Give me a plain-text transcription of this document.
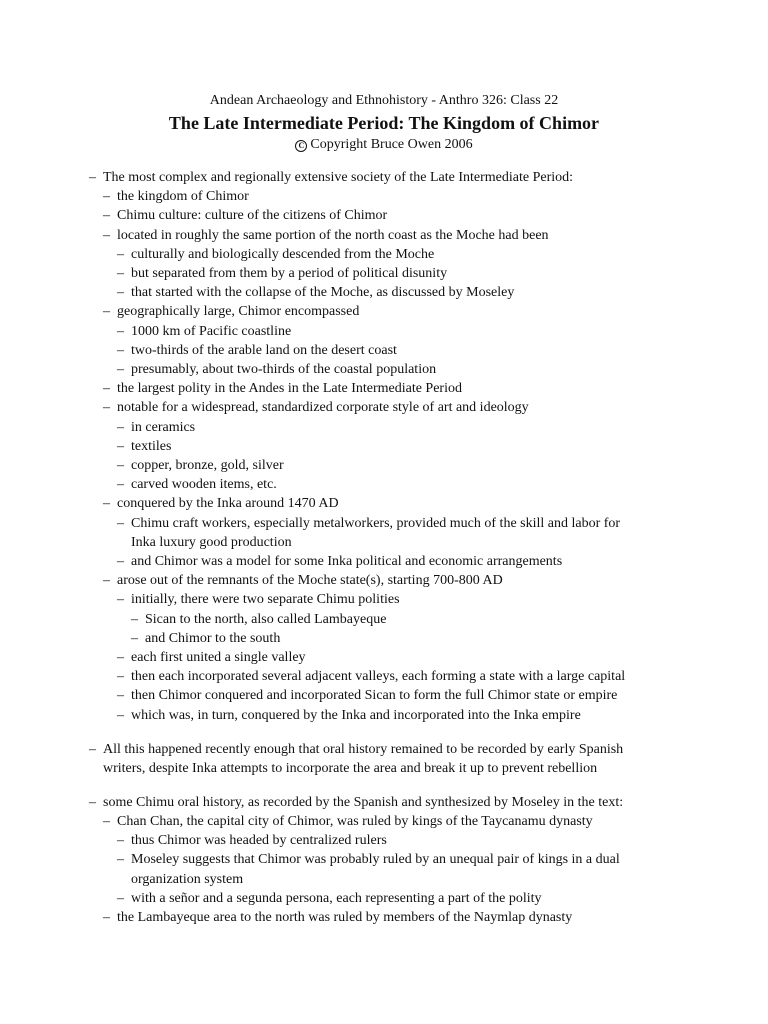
Andean Archaeology and Ethnohistory - Anthro 326: Class 22
The Late Intermediate Period: The Kingdom of Chimor
C Copyright Bruce Owen 2006
– The most complex and regionally extensive society of the Late Intermediate Period:
– the kingdom of Chimor
– Chimu culture: culture of the citizens of Chimor
– located in roughly the same portion of the north coast as the Moche had been
– culturally and biologically descended from the Moche
– but separated from them by a period of political disunity
– that started with the collapse of the Moche, as discussed by Moseley
– geographically large, Chimor encompassed
– 1000 km of Pacific coastline
– two-thirds of the arable land on the desert coast
– presumably, about two-thirds of the coastal population
– the largest polity in the Andes in the Late Intermediate Period
– notable for a widespread, standardized corporate style of art and ideology
– in ceramics
– textiles
– copper, bronze, gold, silver
– carved wooden items, etc.
– conquered by the Inka around 1470 AD
– Chimu craft workers, especially metalworkers, provided much of the skill and labor for
Inka luxury good production
– and Chimor was a model for some Inka political and economic arrangements
– arose out of the remnants of the Moche state(s), starting 700-800 AD
– initially, there were two separate Chimu polities
– Sican to the north, also called Lambayeque
– and Chimor to the south
– each first united a single valley
– then each incorporated several adjacent valleys, each forming a state with a large capital
– then Chimor conquered and incorporated Sican to form the full Chimor state or empire
– which was, in turn, conquered by the Inka and incorporated into the Inka empire
– All this happened recently enough that oral history remained to be recorded by early Spanish
writers, despite Inka attempts to incorporate the area and break it up to prevent rebellion
– some Chimu oral history, as recorded by the Spanish and synthesized by Moseley in the text:
– Chan Chan, the capital city of Chimor, was ruled by kings of the Taycanamu dynasty
– thus Chimor was headed by centralized rulers
– Moseley suggests that Chimor was probably ruled by an unequal pair of kings in a dual
organization system
– with a señor and a segunda persona, each representing a part of the polity
– the Lambayeque area to the north was ruled by members of the Naymlap dynasty
